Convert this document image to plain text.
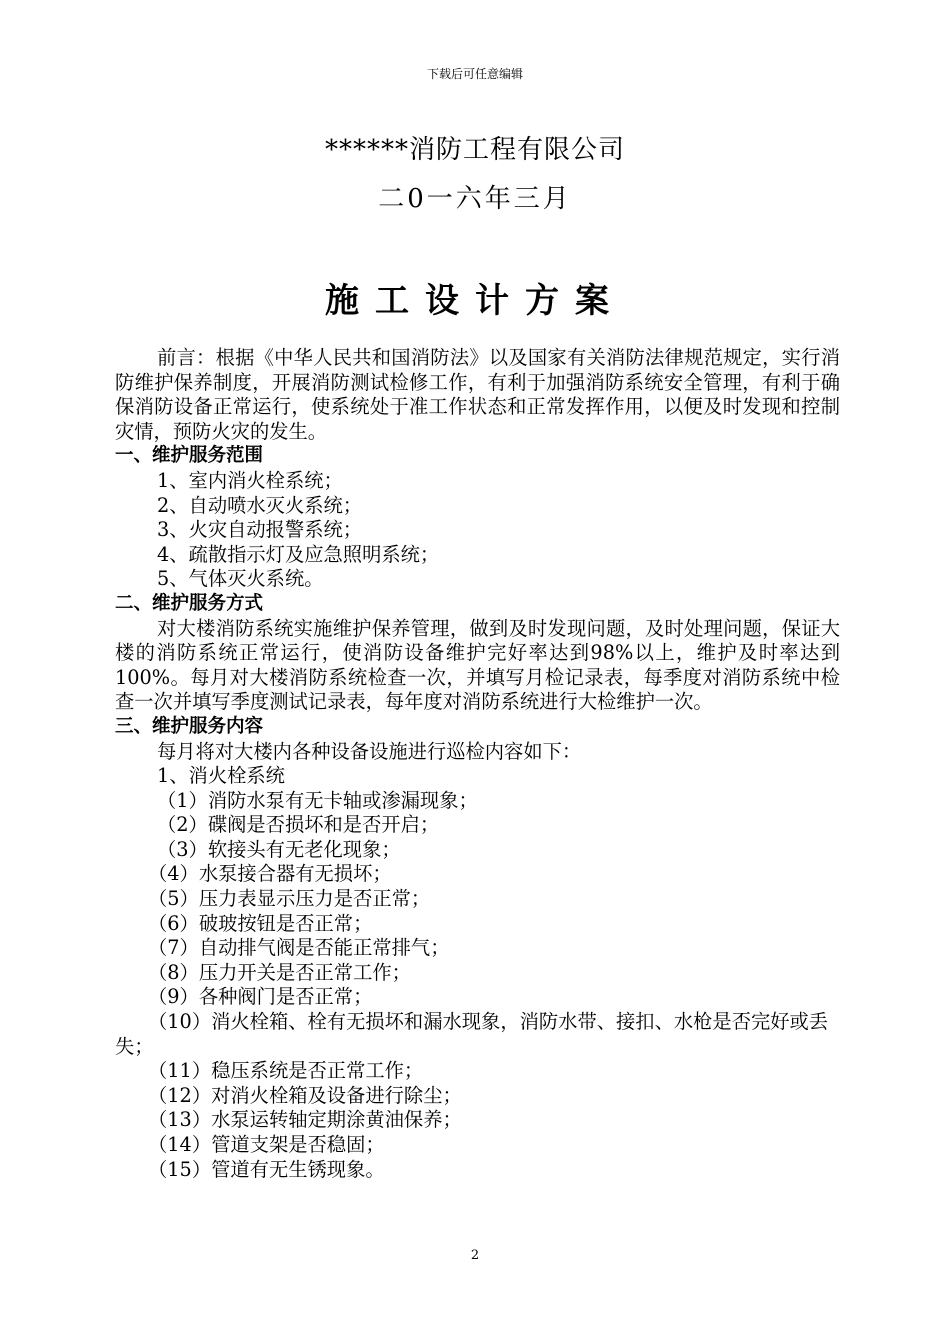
下载后可任意编辑
******消防工程有限公司
二0一六年三月
施工设计方案

前言：根据《中华人民共和国消防法》以及国家有关消防法律规范规定，实行消防维护保养制度，开展消防测试检修工作，有利于加强消防系统安全管理，有利于确保消防设备正常运行，使系统处于准工作状态和正常发挥作用，以便及时发现和控制灾情，预防火灾的发生。

一、维护服务范围

1、室内消火栓系统；

2、自动喷水灭火系统；

3、火灾自动报警系统；

4、疏散指示灯及应急照明系统；

5、气体灭火系统。

二、维护服务方式

对大楼消防系统实施维护保养管理，做到及时发现问题，及时处理问题，保证大楼的消防系统正常运行，使消防设备维护完好率达到98%以上，维护及时率达到100%。每月对大楼消防系统检查一次，并填写月检记录表，每季度对消防系统中检查一次并填写季度测试记录表，每年度对消防系统进行大检维护一次。

三、维护服务内容

每月将对大楼内各种设备设施进行巡检内容如下：

1、消火栓系统

（1）消防水泵有无卡轴或渗漏现象；

（2）碟阀是否损坏和是否开启；

（3）软接头有无老化现象；

（4）水泵接合器有无损坏；

（5）压力表显示压力是否正常；

（6）破玻按钮是否正常；

（7）自动排气阀是否能正常排气；

（8）压力开关是否正常工作；

（9）各种阀门是否正常；

（10）消火栓箱、栓有无损坏和漏水现象，消防水带、接扣、水枪是否完好或丢失；

（11）稳压系统是否正常工作；

（12）对消火栓箱及设备进行除尘；

（13）水泵运转轴定期涂黄油保养；

（14）管道支架是否稳固；

（15）管道有无生锈现象。

2
